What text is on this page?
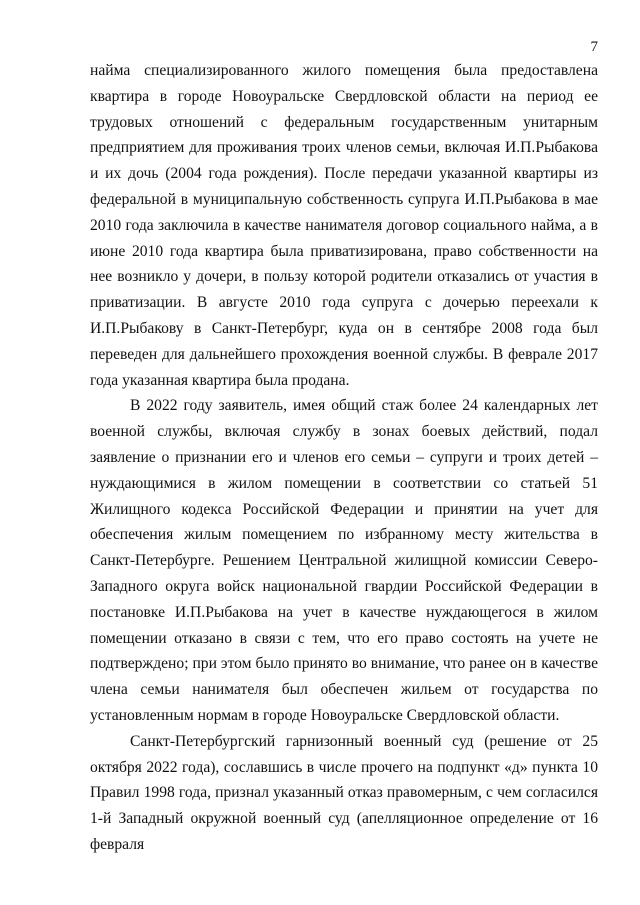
7

найма специализированного жилого помещения была предоставлена квартира в городе Новоуральске Свердловской области на период ее трудовых отношений с федеральным государственным унитарным предприятием для проживания троих членов семьи, включая И.П.Рыбакова и их дочь (2004 года рождения). После передачи указанной квартиры из федеральной в муниципальную собственность супруга И.П.Рыбакова в мае 2010 года заключила в качестве нанимателя договор социального найма, а в июне 2010 года квартира была приватизирована, право собственности на нее возникло у дочери, в пользу которой родители отказались от участия в приватизации. В августе 2010 года супруга с дочерью переехали к И.П.Рыбакову в Санкт-Петербург, куда он в сентябре 2008 года был переведен для дальнейшего прохождения военной службы. В феврале 2017 года указанная квартира была продана.

В 2022 году заявитель, имея общий стаж более 24 календарных лет военной службы, включая службу в зонах боевых действий, подал заявление о признании его и членов его семьи – супруги и троих детей – нуждающимися в жилом помещении в соответствии со статьей 51 Жилищного кодекса Российской Федерации и принятии на учет для обеспечения жилым помещением по избранному месту жительства в Санкт-Петербурге. Решением Центральной жилищной комиссии Северо-Западного округа войск национальной гвардии Российской Федерации в постановке И.П.Рыбакова на учет в качестве нуждающегося в жилом помещении отказано в связи с тем, что его право состоять на учете не подтверждено; при этом было принято во внимание, что ранее он в качестве члена семьи нанимателя был обеспечен жильем от государства по установленным нормам в городе Новоуральске Свердловской области.

Санкт-Петербургский гарнизонный военный суд (решение от 25 октября 2022 года), сославшись в числе прочего на подпункт «д» пункта 10 Правил 1998 года, признал указанный отказ правомерным, с чем согласился 1-й Западный окружной военный суд (апелляционное определение от 16 февраля
